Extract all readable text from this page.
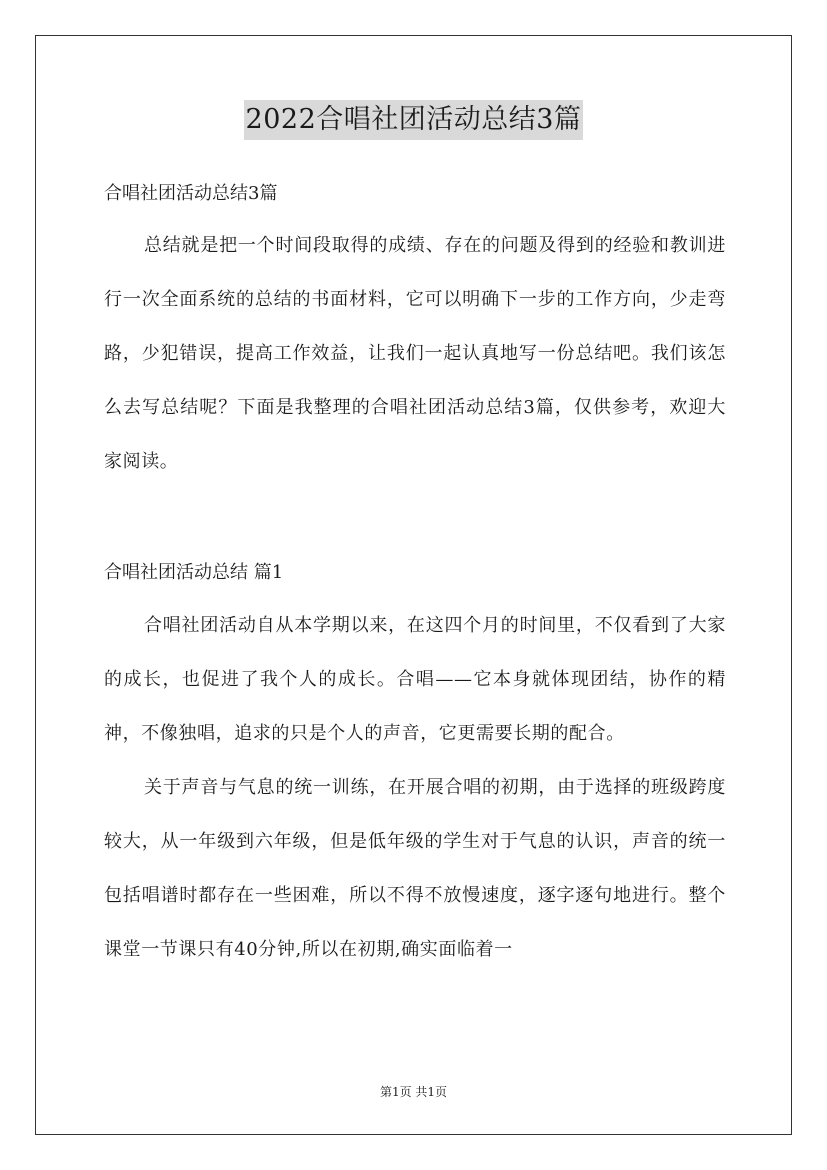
2022合唱社团活动总结3篇
合唱社团活动总结3篇

总结就是把一个时间段取得的成绩、存在的问题及得到的经验和教训进行一次全面系统的总结的书面材料，它可以明确下一步的工作方向，少走弯路，少犯错误，提高工作效益，让我们一起认真地写一份总结吧。我们该怎么去写总结呢？下面是我整理的合唱社团活动总结3篇，仅供参考，欢迎大家阅读。

合唱社团活动总结 篇1

合唱社团活动自从本学期以来，在这四个月的时间里，不仅看到了大家的成长，也促进了我个人的成长。合唱——它本身就体现团结，协作的精神，不像独唱，追求的只是个人的声音，它更需要长期的配合。

关于声音与气息的统一训练，在开展合唱的初期，由于选择的班级跨度较大，从一年级到六年级，但是低年级的学生对于气息的认识，声音的统一包括唱谱时都存在一些困难，所以不得不放慢速度，逐字逐句地进行。整个课堂一节课只有40分钟,所以在初期,确实面临着一

第1页 共1页
